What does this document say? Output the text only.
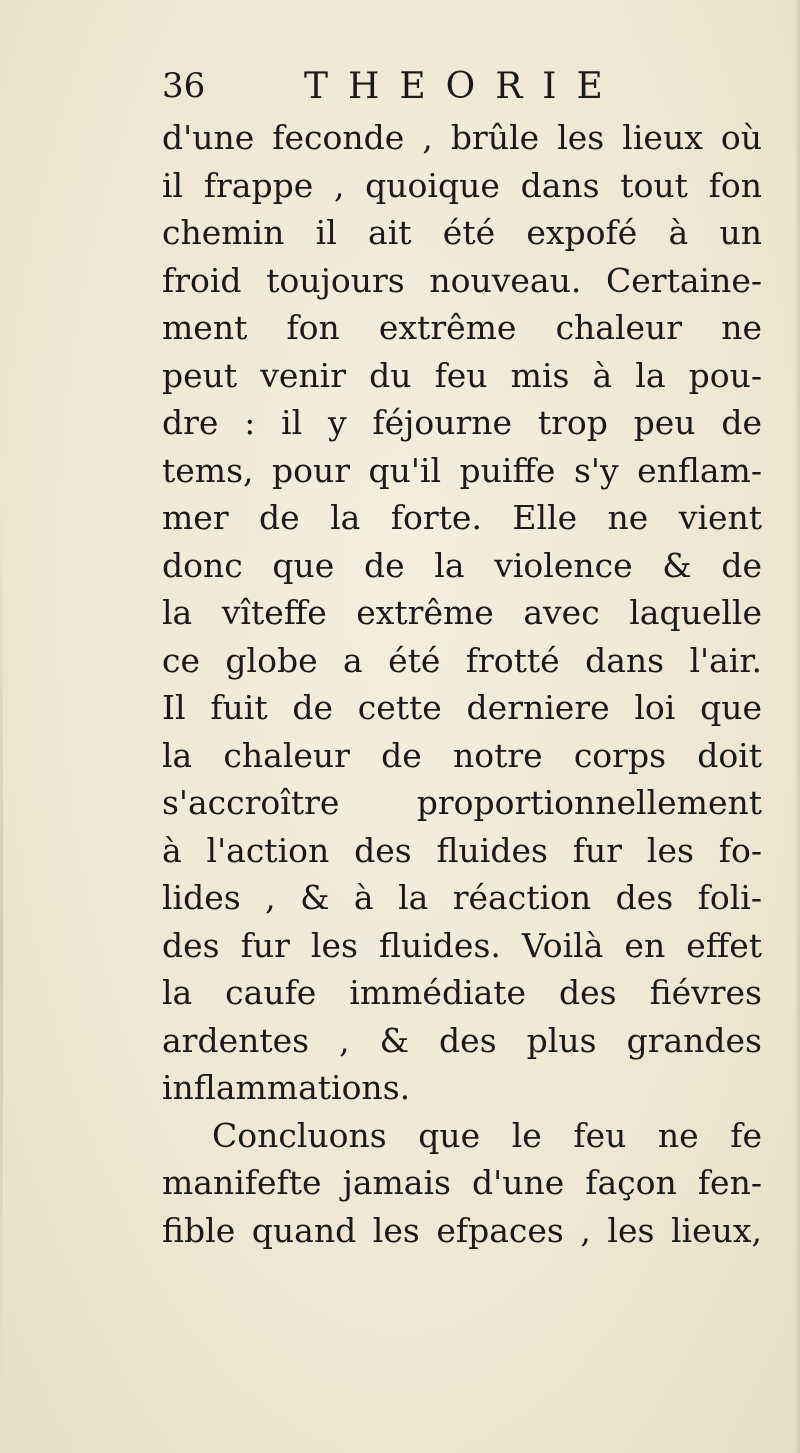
36	THEORIE
d'une feconde , brûle les lieux où
il frappe , quoique dans tout fon
chemin il ait été expofé à un
froid toujours nouveau. Certaine-
ment fon extrême chaleur ne
peut venir du feu mis à la pou-
dre : il y féjourne trop peu de
tems, pour qu'il puiffe s'y enflam-
mer de la forte. Elle ne vient
donc que de la violence & de
la vîteffe extrême avec laquelle
ce globe a été frotté dans l'air.
Il fuit de cette derniere loi que
la chaleur de notre corps doit
s'accroître proportionnellement
à l'action des fluides fur les fo-
lides , & à la réaction des foli-
des fur les fluides. Voilà en effet
la caufe immédiate des fiévres
ardentes , & des plus grandes
inflammations.
Concluons que le feu ne fe
manifefte jamais d'une façon fen-
fible quand les efpaces , les lieux,
